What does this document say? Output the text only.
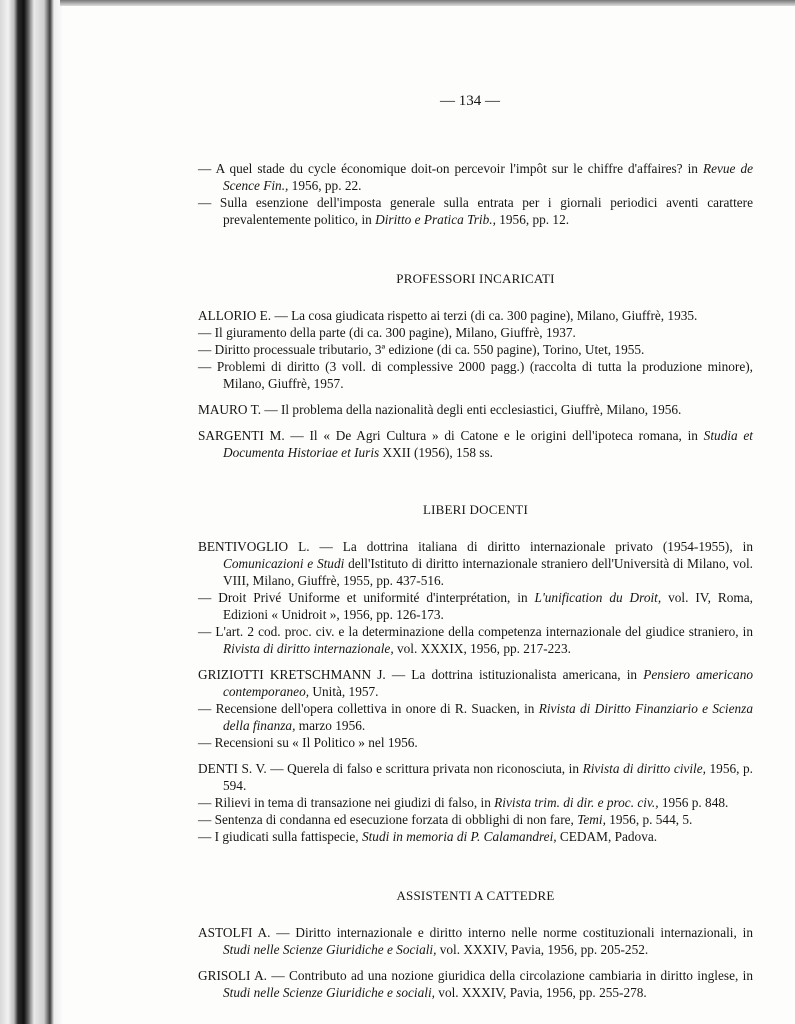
— 134 —

— A quel stade du cycle économique doit-on percevoir l'impôt sur le chiffre d'affaires? in Revue de Scence Fin., 1956, pp. 22.

— Sulla esenzione dell'imposta generale sulla entrata per i giornali periodici aventi carattere prevalentemente politico, in Diritto e Pratica Trib., 1956, pp. 12.

PROFESSORI INCARICATI

ALLORIO E. — La cosa giudicata rispetto ai terzi (di ca. 300 pagine), Milano, Giuffrè, 1935.

— Il giuramento della parte (di ca. 300 pagine), Milano, Giuffrè, 1937.

— Diritto processuale tributario, 3ª edizione (di ca. 550 pagine), Torino, Utet, 1955.

— Problemi di diritto (3 voll. di complessive 2000 pagg.) (raccolta di tutta la produzione minore), Milano, Giuffrè, 1957.

MAURO T. — Il problema della nazionalità degli enti ecclesiastici, Giuffrè, Milano, 1956.

SARGENTI M. — Il « De Agri Cultura » di Catone e le origini dell'ipoteca romana, in Studia et Documenta Historiae et Iuris XXII (1956), 158 ss.

LIBERI DOCENTI

BENTIVOGLIO L. — La dottrina italiana di diritto internazionale privato (1954-1955), in Comunicazioni e Studi dell'Istituto di diritto internazionale straniero dell'Università di Milano, vol. VIII, Milano, Giuffrè, 1955, pp. 437-516.

— Droit Privé Uniforme et uniformité d'interprétation, in L'unification du Droit, vol. IV, Roma, Edizioni « Unidroit », 1956, pp. 126-173.

— L'art. 2 cod. proc. civ. e la determinazione della competenza internazionale del giudice straniero, in Rivista di diritto internazionale, vol. XXXIX, 1956, pp. 217-223.

GRIZIOTTI KRETSCHMANN J. — La dottrina istituzionalista americana, in Pensiero americano contemporaneo, Unità, 1957.

— Recensione dell'opera collettiva in onore di R. Suacken, in Rivista di Diritto Finanziario e Scienza della finanza, marzo 1956.

— Recensioni su « Il Politico » nel 1956.

DENTI S. V. — Querela di falso e scrittura privata non riconosciuta, in Rivista di diritto civile, 1956, p. 594.

— Rilievi in tema di transazione nei giudizi di falso, in Rivista trim. di dir. e proc. civ., 1956 p. 848.

— Sentenza di condanna ed esecuzione forzata di obblighi di non fare, Temi, 1956, p. 544, 5.

— I giudicati sulla fattispecie, Studi in memoria di P. Calamandrei, CEDAM, Padova.

ASSISTENTI A CATTEDRE

ASTOLFI A. — Diritto internazionale e diritto interno nelle norme costituzionali internazionali, in Studi nelle Scienze Giuridiche e Sociali, vol. XXXIV, Pavia, 1956, pp. 205-252.

GRISOLI A. — Contributo ad una nozione giuridica della circolazione cambiaria in diritto inglese, in Studi nelle Scienze Giuridiche e sociali, vol. XXXIV, Pavia, 1956, pp. 255-278.
